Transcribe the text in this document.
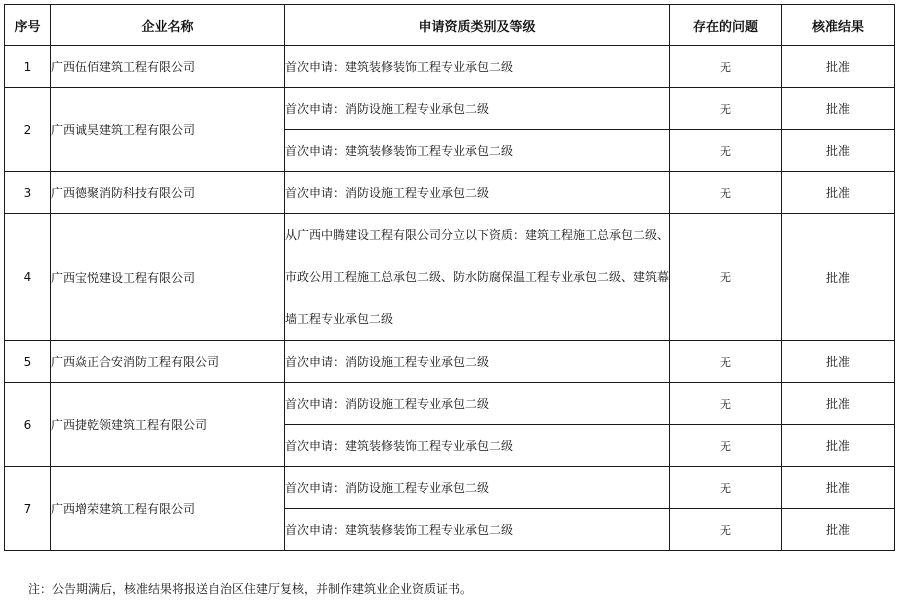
序号	企业名称	申请资质类别及等级	存在的问题	核准结果
1	广西伍佰建筑工程有限公司	首次申请：建筑装修装饰工程专业承包二级	无	批准
2	广西诚昊建筑工程有限公司	首次申请：消防设施工程专业承包二级	无	批准
		首次申请：建筑装修装饰工程专业承包二级	无	批准
3	广西德聚消防科技有限公司	首次申请：消防设施工程专业承包二级	无	批准
4	广西宝悦建设工程有限公司	从广西中腾建设工程有限公司分立以下资质：建筑工程施工总承包二级、市政公用工程施工总承包二级、防水防腐保温工程专业承包二级、建筑幕墙工程专业承包二级	无	批准
5	广西焱正合安消防工程有限公司	首次申请：消防设施工程专业承包二级	无	批准
6	广西捷乾领建筑工程有限公司	首次申请：消防设施工程专业承包二级	无	批准
		首次申请：建筑装修装饰工程专业承包二级	无	批准
7	广西增荣建筑工程有限公司	首次申请：消防设施工程专业承包二级	无	批准
		首次申请：建筑装修装饰工程专业承包二级	无	批准
注：公告期满后，核准结果将报送自治区住建厅复核，并制作建筑业企业资质证书。
